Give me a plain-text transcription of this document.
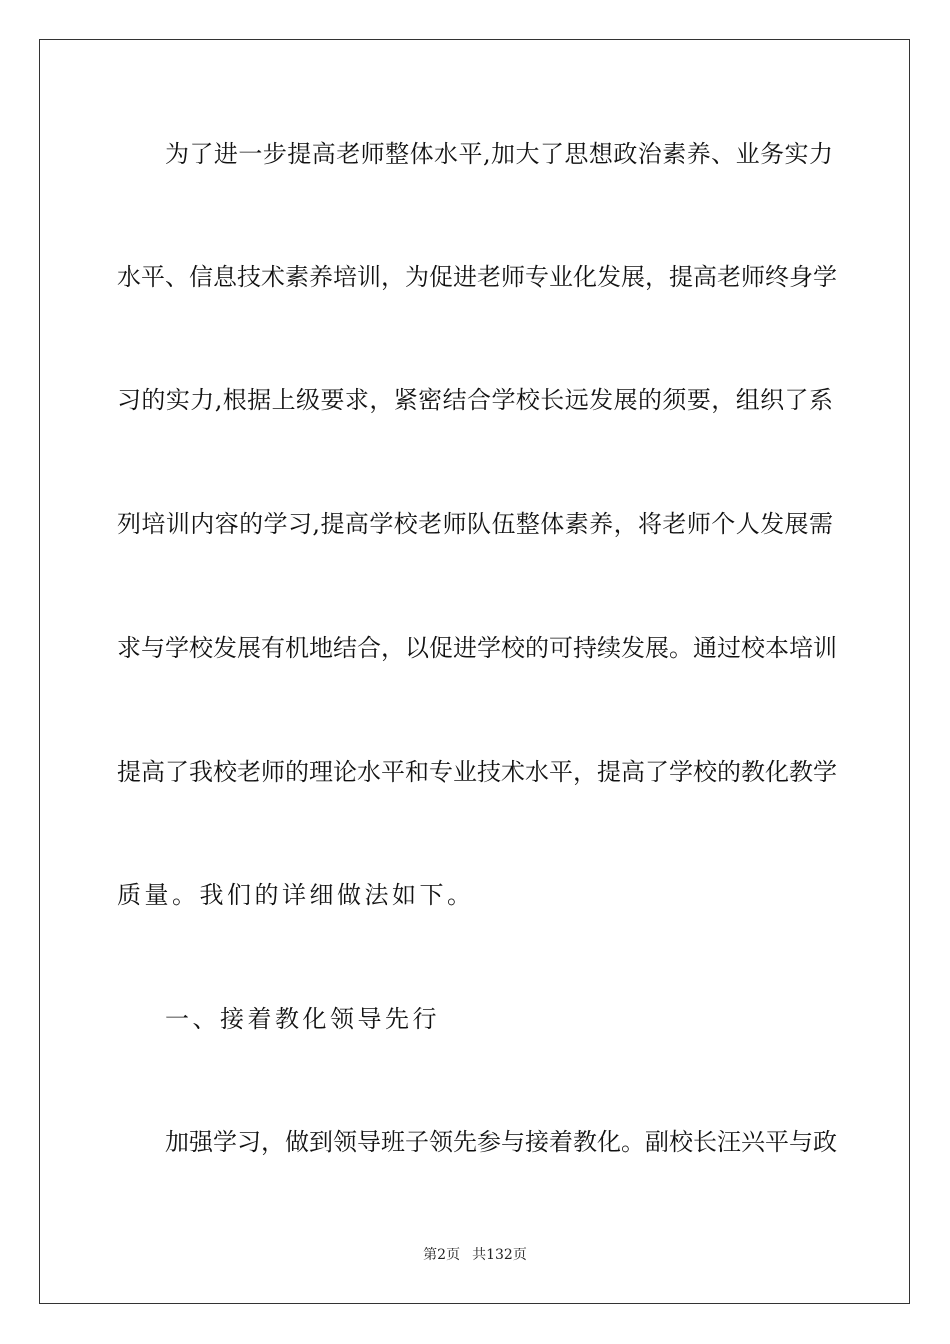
为了进一步提高老师整体水平,加大了思想政治素养、业务实力
水平、信息技术素养培训，为促进老师专业化发展，提高老师终身学
习的实力,根据上级要求，紧密结合学校长远发展的须要，组织了系
列培训内容的学习,提高学校老师队伍整体素养，将老师个人发展需
求与学校发展有机地结合，以促进学校的可持续发展。通过校本培训
提高了我校老师的理论水平和专业技术水平，提高了学校的教化教学
质量。我们的详细做法如下。
一、接着教化领导先行
加强学习，做到领导班子领先参与接着教化。副校长汪兴平与政
第2页 共132页
